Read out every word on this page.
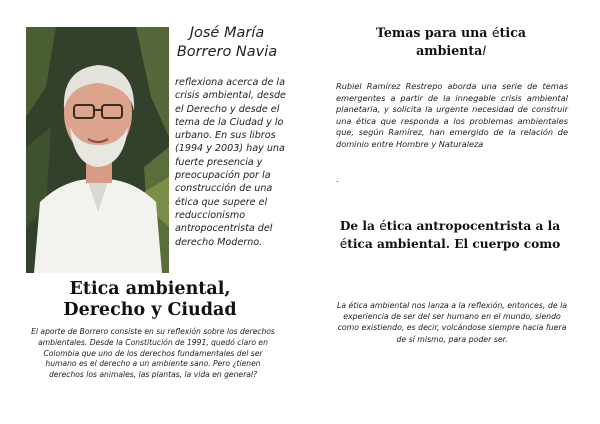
José María
Borrero Navia
reflexiona acerca de la crisis ambiental, desde el Derecho y desde el tema de la Ciudad y lo urbano. En sus libros (1994 y 2003) hay una fuerte presencia y preocupación por la construcción de una ética que supere el reduccionismo antropocentrista del derecho Moderno.
Etica ambiental,
Derecho y Ciudad
El aporte de Borrero consiste en su reflexión sobre los derechos ambientales. Desde la Constitución de 1991, quedó claro en Colombia que uno de los derechos fundamentales del ser humano es el derecho a un ambiente sano. Pero ¿tienen derechos los animales, las plantas, la vida en general?
Temas para una ética
ambiental
Rubiel Ramírez Restrepo aborda una serie de temas emergentes a partir de la innegable crisis ambiental planetaria, y solicita la urgente necesidad de construir una ética que responda a los problemas ambientales que, según Ramírez, han emergido de la relación de dominio entre Hombre y Naturaleza
.
De la ética antropocentrista a la
ética ambiental. El cuerpo como
La ética ambiental nos lanza a la reflexión, entonces, de la experiencia de ser del ser humano en el mundo, siendo como existiendo, es decir, volcándose siempre hacia fuera de sí mismo, para poder ser.
